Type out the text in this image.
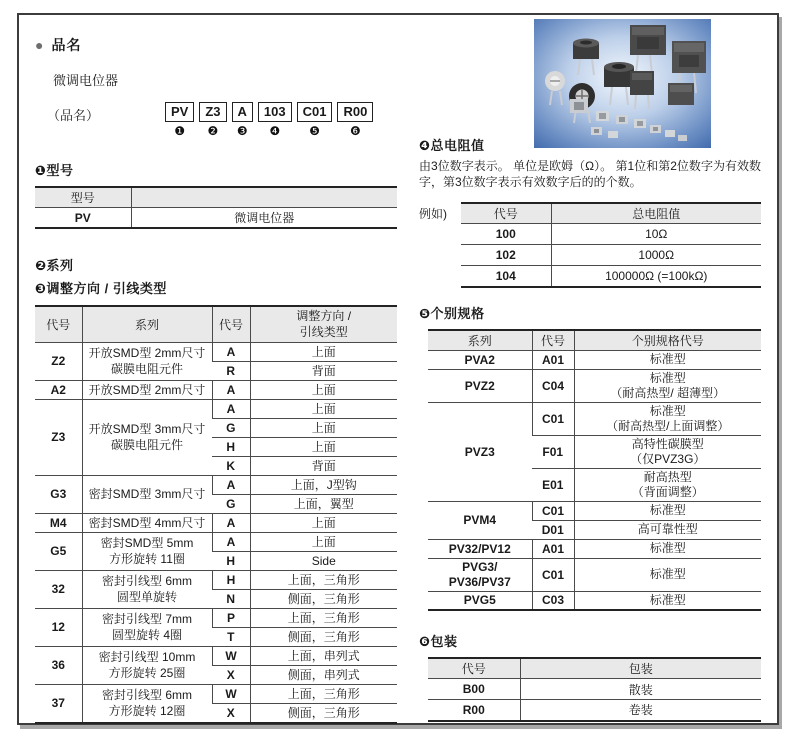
● 品名
微调电位器
（品名）	PV
❶
Z3
❷
A
❸
103
❹
C01
❺
R00
❻
❶型号
型号	
PV	微调电位器
❷系列
❸调整方向 / 引线类型
代号	系列	代号	调整方向 /
引线类型

Z2	开放SMD型 2mm尺寸
碳膜电阻元件	A	上面
		R	背面
A2	开放SMD型 2mm尺寸	A	上面
Z3	开放SMD型 3mm尺寸
碳膜电阻元件	A	上面
		G	上面
		H	上面
		K	背面
G3	密封SMD型 3mm尺寸	A	上面，J型钩
		G	上面，翼型
M4	密封SMD型 4mm尺寸	A	上面
G5	密封SMD型 5mm
方形旋转 11圈	A	上面
		H	Side
32	密封引线型 6mm
圆型单旋转	H	上面，三角形
		N	侧面，三角形
12	密封引线型 7mm
圆型旋转 4圈	P	上面，三角形
		T	侧面，三角形
36	密封引线型 10mm
方形旋转 25圈	W	上面，串列式
		X	侧面，串列式
37	密封引线型 6mm
方形旋转 12圈	W	上面，三角形
		X	侧面，三角形
❹总电阻值
由3位数字表示。 单位是欧姆（Ω）。 第1位和第2位数字为有效数字，第3位数字表示有效数字后的的个数。
例如)	代号	总电阻值
100	10Ω
102	1000Ω
104	100000Ω (=100kΩ)
❺个别规格
系列	代号	个别规格代号
PVA2	A01	标准型

PVZ2	C04	标准型
（耐高热型/ 超薄型）

PVZ3	C01	标准型
（耐高热型/上面调整）

	F01	高特性碳膜型
（仅PVZ3G）

	E01	耐高热型
（背面调整）

PVM4	C01	标准型

	D01	高可靠性型

PV32/PV12	A01	标准型

PVG3/
PV36/PV37	C01	标准型

PVG5	C03	标准型
❻包装
代号	包装
B00	散装
R00	卷装
